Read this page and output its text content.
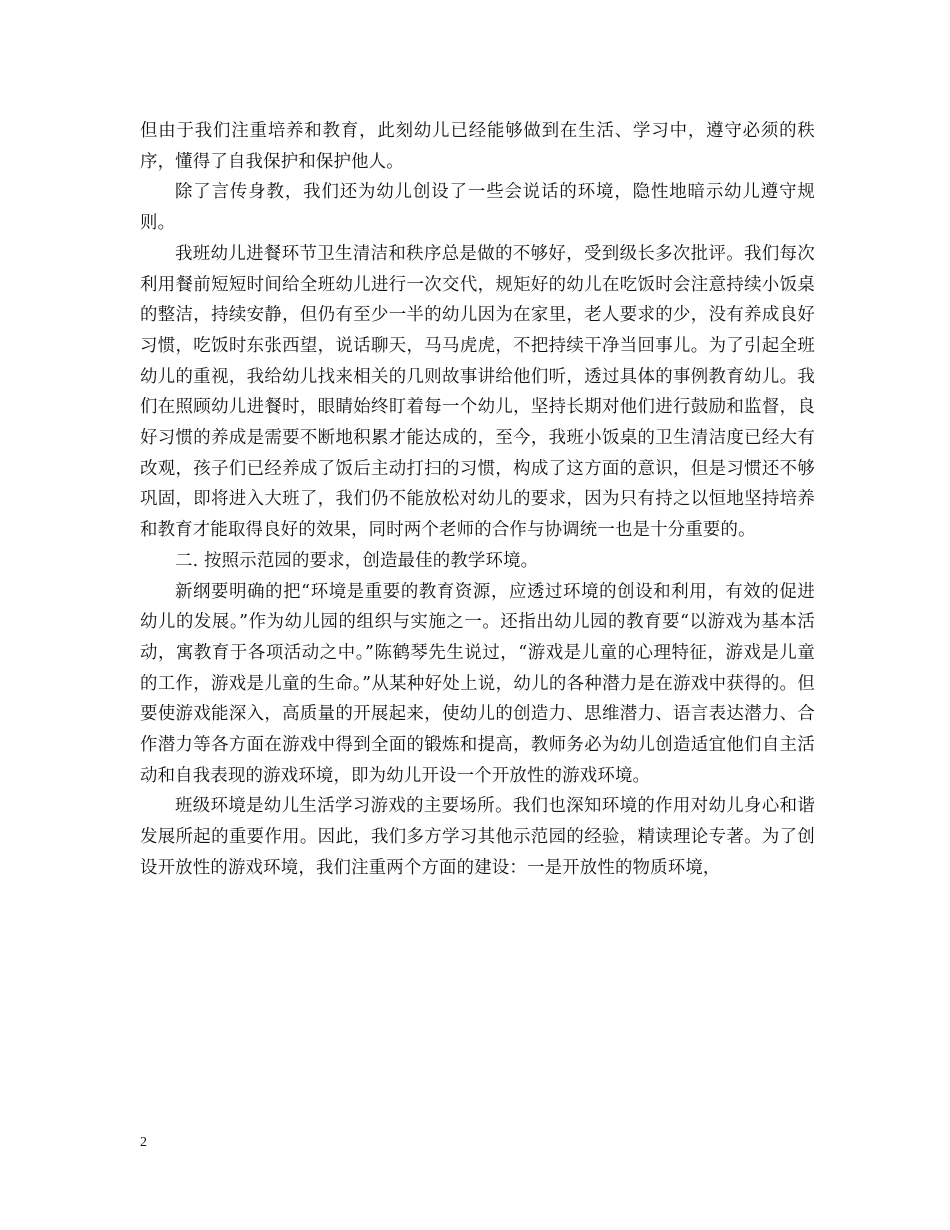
但由于我们注重培养和教育，此刻幼儿已经能够做到在生活、学习中，遵守必须的秩序，懂得了自我保护和保护他人。

除了言传身教，我们还为幼儿创设了一些会说话的环境，隐性地暗示幼儿遵守规则。

我班幼儿进餐环节卫生清洁和秩序总是做的不够好，受到级长多次批评。我们每次利用餐前短短时间给全班幼儿进行一次交代，规矩好的幼儿在吃饭时会注意持续小饭桌的整洁，持续安静，但仍有至少一半的幼儿因为在家里，老人要求的少，没有养成良好习惯，吃饭时东张西望，说话聊天，马马虎虎，不把持续干净当回事儿。为了引起全班幼儿的重视，我给幼儿找来相关的几则故事讲给他们听，透过具体的事例教育幼儿。我们在照顾幼儿进餐时，眼睛始终盯着每一个幼儿，坚持长期对他们进行鼓励和监督，良好习惯的养成是需要不断地积累才能达成的，至今，我班小饭桌的卫生清洁度已经大有改观，孩子们已经养成了饭后主动打扫的习惯，构成了这方面的意识，但是习惯还不够巩固，即将进入大班了，我们仍不能放松对幼儿的要求，因为只有持之以恒地坚持培养和教育才能取得良好的效果，同时两个老师的合作与协调统一也是十分重要的。

二. 按照示范园的要求，创造最佳的教学环境。

新纲要明确的把“环境是重要的教育资源，应透过环境的创设和利用，有效的促进幼儿的发展。”作为幼儿园的组织与实施之一。还指出幼儿园的教育要“以游戏为基本活动，寓教育于各项活动之中。”陈鹤琴先生说过，“游戏是儿童的心理特征，游戏是儿童的工作，游戏是儿童的生命。”从某种好处上说，幼儿的各种潜力是在游戏中获得的。但要使游戏能深入，高质量的开展起来，使幼儿的创造力、思维潜力、语言表达潜力、合作潜力等各方面在游戏中得到全面的锻炼和提高，教师务必为幼儿创造适宜他们自主活动和自我表现的游戏环境，即为幼儿开设一个开放性的游戏环境。

班级环境是幼儿生活学习游戏的主要场所。我们也深知环境的作用对幼儿身心和谐发展所起的重要作用。因此，我们多方学习其他示范园的经验，精读理论专著。为了创设开放性的游戏环境，我们注重两个方面的建设：一是开放性的物质环境，

2
